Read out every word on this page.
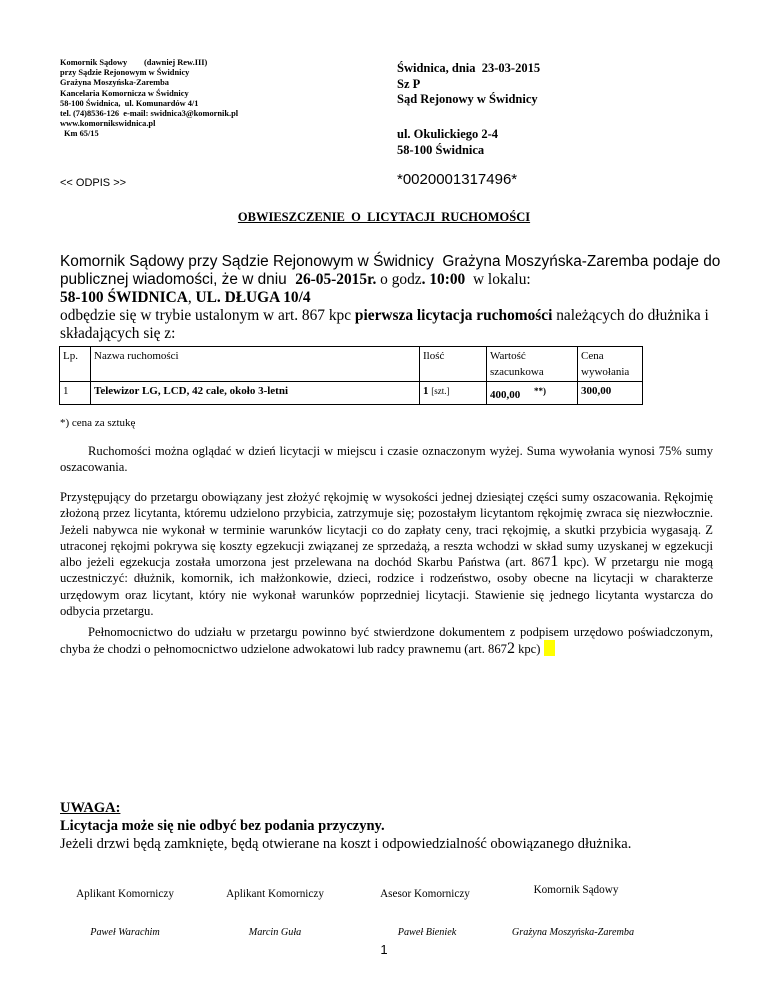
Komornik Sądowy        (dawniej Rew.III)
przy Sądzie Rejonowym w Świdnicy
Grażyna Moszyńska-Zaremba
Kancelaria Komornicza w Świdnicy
58-100 Świdnica,  ul. Komunardów 4/1
tel. (74)8536-126  e-mail: swidnica3@komornik.pl
www.komornikswidnica.pl
Km 65/15
Świdnica, dnia  23-03-2015
Sz P
Sąd Rejonowy w Świdnicy
ul. Okulickiego 2-4
58-100 Świdnica
<< ODPIS >>	*0020001317496*
OBWIESZCZENIE  O  LICYTACJI  RUCHOMOŚCI
Komornik Sądowy przy Sądzie Rejonowym w Świdnicy  Grażyna Moszyńska-Zaremba podaje do
publicznej wiadomości, że w dniu  26-05-2015r. o godz. 10:00  w lokalu:
58-100 ŚWIDNICA, UL. DŁUGA 10/4
odbędzie się w trybie ustalonym w art. 867 kpc pierwsza licytacja ruchomości należących do dłużnika i
składających się z:
Lp.	Nazwa ruchomości	Ilość	Wartość szacunkowa	Cena wywołania
1	Telewizor LG, LCD, 42 cale, około 3-letni	1 [szt.]	400,00 **)	300,00
*) cena za sztukę
Ruchomości można oglądać w dzień licytacji w miejscu i czasie oznaczonym wyżej. Suma wywołania wynosi 75% sumy oszacowania.
Przystępujący do przetargu obowiązany jest złożyć rękojmię w wysokości jednej dziesiątej części sumy oszacowania. Rękojmię złożoną przez licytanta, któremu udzielono przybicia, zatrzymuje się; pozostałym licytantom rękojmię zwraca się niezwłocznie. Jeżeli nabywca nie wykonał w terminie warunków licytacji co do zapłaty ceny, traci rękojmię, a skutki przybicia wygasają. Z utraconej rękojmi pokrywa się koszty egzekucji związanej ze sprzedażą, a reszta wchodzi w skład sumy uzyskanej w egzekucji albo jeżeli egzekucja została umorzona jest przelewana na dochód Skarbu Państwa (art. 8671 kpc). W przetargu nie mogą uczestniczyć: dłużnik, komornik, ich małżonkowie, dzieci, rodzice i rodzeństwo, osoby obecne na licytacji w charakterze urzędowym oraz licytant, który nie wykonał warunków poprzedniej licytacji. Stawienie się jednego licytanta wystarcza do odbycia przetargu.
Pełnomocnictwo do udziału w przetargu powinno być stwierdzone dokumentem z podpisem urzędowo poświadczonym, chyba że chodzi o pełnomocnictwo udzielone adwokatowi lub radcy prawnemu (art. 8672 kpc)
UWAGA:
Licytacja może się nie odbyć bez podania przyczyny.
Jeżeli drzwi będą zamknięte, będą otwierane na koszt i odpowiedzialność obowiązanego dłużnika.
Aplikant Komorniczy	Aplikant Komorniczy	Asesor Komorniczy	Komornik Sądowy
Paweł Warachim	Marcin Guła	Paweł Bieniek	Grażyna Moszyńska-Zaremba
1
